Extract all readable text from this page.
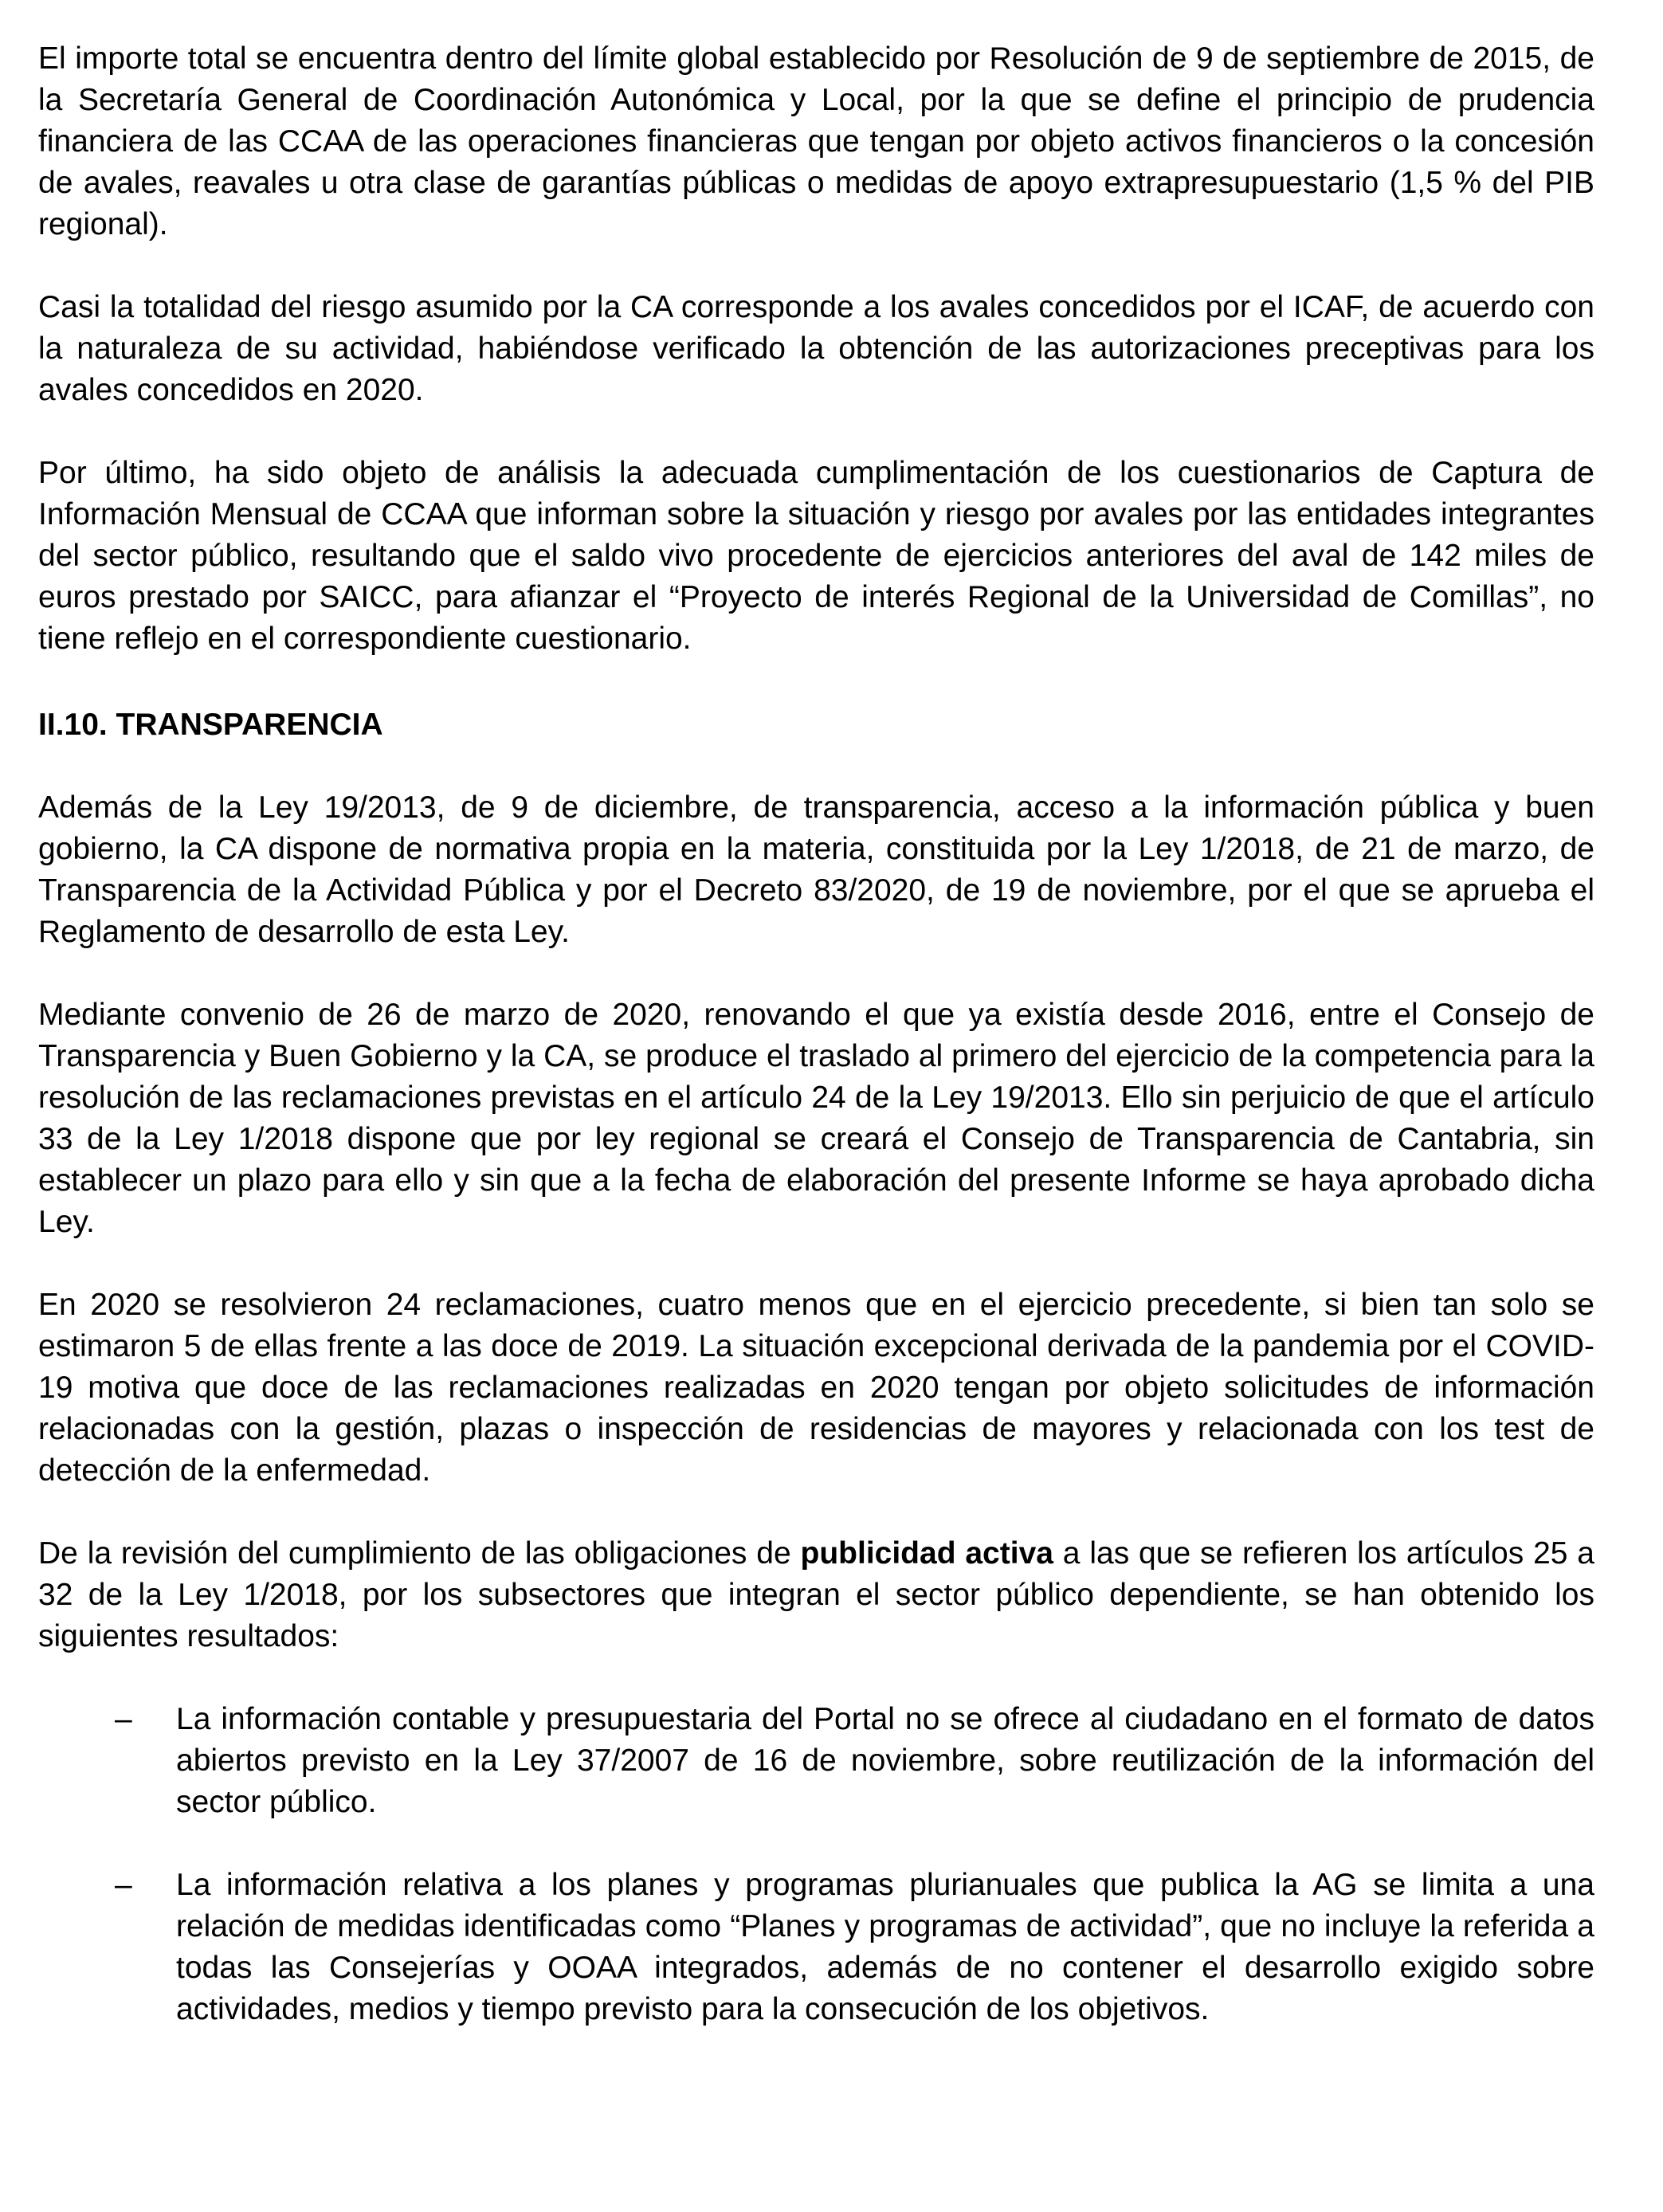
El importe total se encuentra dentro del límite global establecido por Resolución de 9 de septiembre de 2015, de la Secretaría General de Coordinación Autonómica y Local, por la que se define el principio de prudencia financiera de las CCAA de las operaciones financieras que tengan por objeto activos financieros o la concesión de avales, reavales u otra clase de garantías públicas o medidas de apoyo extrapresupuestario (1,5 % del PIB regional).

Casi la totalidad del riesgo asumido por la CA corresponde a los avales concedidos por el ICAF, de acuerdo con la naturaleza de su actividad, habiéndose verificado la obtención de las autorizaciones preceptivas para los avales concedidos en 2020.

Por último, ha sido objeto de análisis la adecuada cumplimentación de los cuestionarios de Captura de Información Mensual de CCAA que informan sobre la situación y riesgo por avales por las entidades integrantes del sector público, resultando que el saldo vivo procedente de ejercicios anteriores del aval de 142 miles de euros prestado por SAICC, para afianzar el “Proyecto de interés Regional de la Universidad de Comillas”, no tiene reflejo en el correspondiente cuestionario.

II.10. TRANSPARENCIA

Además de la Ley 19/2013, de 9 de diciembre, de transparencia, acceso a la información pública y buen gobierno, la CA dispone de normativa propia en la materia, constituida por la Ley 1/2018, de 21 de marzo, de Transparencia de la Actividad Pública y por el Decreto 83/2020, de 19 de noviembre, por el que se aprueba el Reglamento de desarrollo de esta Ley.

Mediante convenio de 26 de marzo de 2020, renovando el que ya existía desde 2016, entre el Consejo de Transparencia y Buen Gobierno y la CA, se produce el traslado al primero del ejercicio de la competencia para la resolución de las reclamaciones previstas en el artículo 24 de la Ley 19/2013. Ello sin perjuicio de que el artículo 33 de la Ley 1/2018 dispone que por ley regional se creará el Consejo de Transparencia de Cantabria, sin establecer un plazo para ello y sin que a la fecha de elaboración del presente Informe se haya aprobado dicha Ley.

En 2020 se resolvieron 24 reclamaciones, cuatro menos que en el ejercicio precedente, si bien tan solo se estimaron 5 de ellas frente a las doce de 2019. La situación excepcional derivada de la pandemia por el COVID-19 motiva que doce de las reclamaciones realizadas en 2020 tengan por objeto solicitudes de información relacionadas con la gestión, plazas o inspección de residencias de mayores y relacionada con los test de detección de la enfermedad.

De la revisión del cumplimiento de las obligaciones de publicidad activa a las que se refieren los artículos 25 a 32 de la Ley 1/2018, por los subsectores que integran el sector público dependiente, se han obtenido los siguientes resultados:

– La información contable y presupuestaria del Portal no se ofrece al ciudadano en el formato de datos abiertos previsto en la Ley 37/2007 de 16 de noviembre, sobre reutilización de la información del sector público.
– La información relativa a los planes y programas plurianuales que publica la AG se limita a una relación de medidas identificadas como “Planes y programas de actividad”, que no incluye la referida a todas las Consejerías y OOAA integrados, además de no contener el desarrollo exigido sobre actividades, medios y tiempo previsto para la consecución de los objetivos.
